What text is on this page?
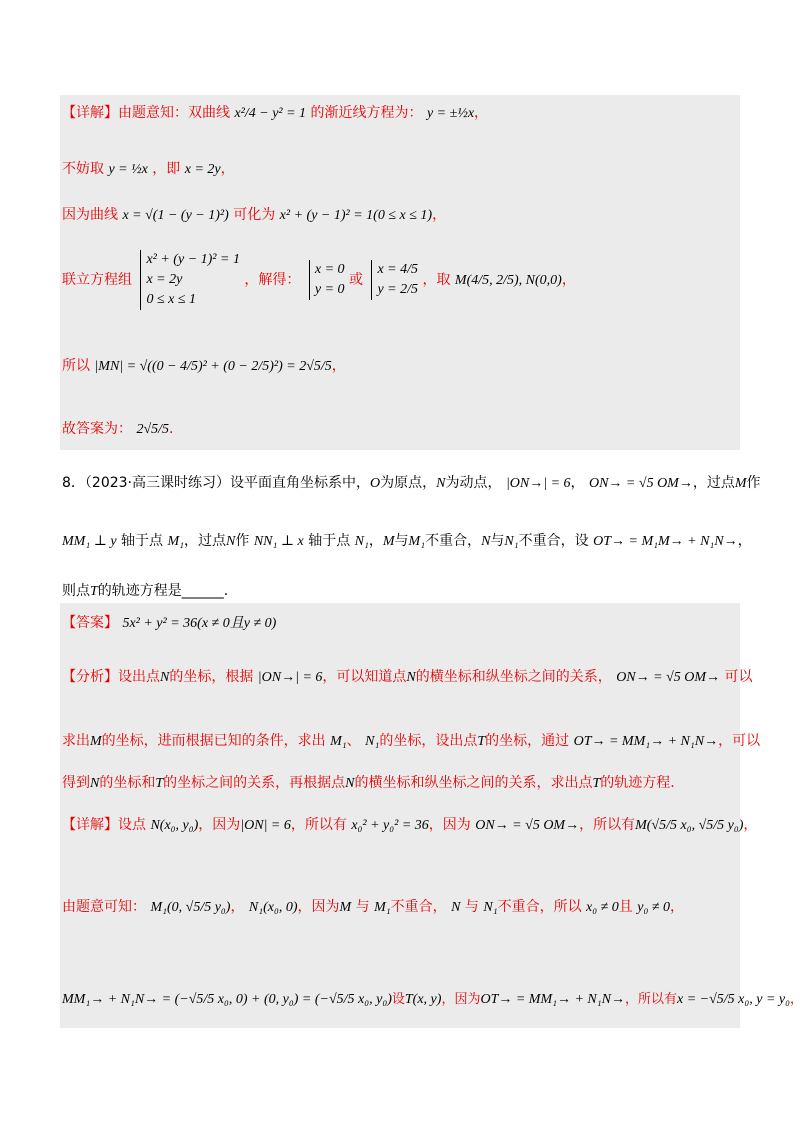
【详解】由题意知：双曲线 x²/4 − y² = 1 的渐近线方程为： y = ±½x，
不妨取 y = ½x ，即 x = 2y，
因为曲线 x = √(1 − (y − 1)²) 可化为 x² + (y − 1)² = 1(0 ≤ x ≤ 1)，
联立方程组
x² + (y − 1)² = 1
x = 2y
0 ≤ x ≤ 1
，解得：
x = 0
y = 0
或
x = 4/5
y = 2/5
，取 M(4/5, 2/5), N(0,0)，
所以 |MN| = √((0 − 4/5)² + (0 − 2/5)²) = 2√5/5，
故答案为： 2√5/5.
8．（2023·高三课时练习）设平面直角坐标系中，O为原点，N为动点， |ON→| = 6， ON→ = √5 OM→，过点M作
MM₁ ⊥ y 轴于点 M₁，过点N作 NN₁ ⊥ x 轴于点 N₁，M与M₁不重合，N与N₁不重合，设 OT→ = M₁M→ + N₁N→，
则点T的轨迹方程是______.
【答案】 5x² + y² = 36(x ≠ 0且y ≠ 0)
【分析】设出点N的坐标，根据 |ON→| = 6，可以知道点N的横坐标和纵坐标之间的关系， ON→ = √5 OM→ 可以
求出M的坐标，进而根据已知的条件，求出 M₁、 N₁的坐标，设出点T的坐标，通过 OT→ = MM₁→ + N₁N→，可以
得到N的坐标和T的坐标之间的关系，再根据点N的横坐标和纵坐标之间的关系，求出点T的轨迹方程.
【详解】设点 N(x₀, y₀)，因为|ON| = 6，所以有 x₀² + y₀² = 36，因为 ON→ = √5 OM→，所以有M(√5/5 x₀, √5/5 y₀)，
由题意可知： M₁(0, √5/5 y₀)， N₁(x₀, 0)，因为M 与 M₁不重合， N 与 N₁不重合，所以 x₀ ≠ 0且 y₀ ≠ 0，
MM₁→ + N₁N→ = (−√5/5 x₀, 0) + (0, y₀) = (−√5/5 x₀, y₀)设T(x, y)，因为OT→ = MM₁→ + N₁N→，所以有x = −√5/5 x₀, y = y₀，
